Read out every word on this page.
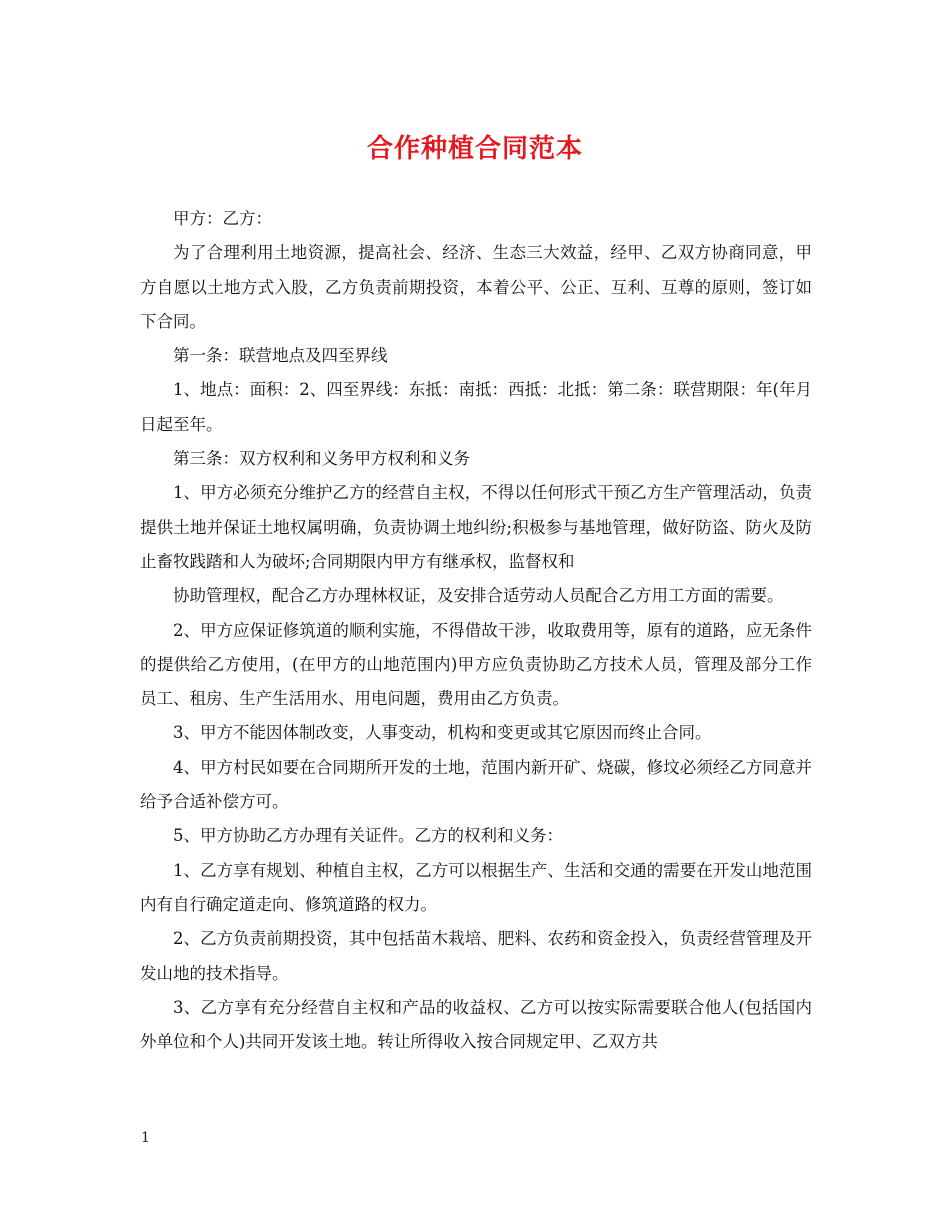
合作种植合同范本

甲方：乙方：

为了合理利用土地资源，提高社会、经济、生态三大效益，经甲、乙双方协商同意，甲方自愿以土地方式入股，乙方负责前期投资，本着公平、公正、互利、互尊的原则，签订如下合同。

第一条：联营地点及四至界线

1、地点：面积：2、四至界线：东抵：南抵：西抵：北抵：第二条：联营期限：年(年月日起至年。

第三条：双方权利和义务甲方权利和义务

1、甲方必须充分维护乙方的经营自主权，不得以任何形式干预乙方生产管理活动，负责提供土地并保证土地权属明确，负责协调土地纠纷;积极参与基地管理，做好防盗、防火及防止畜牧践踏和人为破坏;合同期限内甲方有继承权，监督权和

协助管理权，配合乙方办理林权证，及安排合适劳动人员配合乙方用工方面的需要。

2、甲方应保证修筑道的顺利实施，不得借故干涉，收取费用等，原有的道路，应无条件的提供给乙方使用，(在甲方的山地范围内)甲方应负责协助乙方技术人员，管理及部分工作员工、租房、生产生活用水、用电问题，费用由乙方负责。

3、甲方不能因体制改变，人事变动，机构和变更或其它原因而终止合同。

4、甲方村民如要在合同期所开发的土地，范围内新开矿、烧碳，修坟必须经乙方同意并给予合适补偿方可。

5、甲方协助乙方办理有关证件。乙方的权利和义务：

1、乙方享有规划、种植自主权，乙方可以根据生产、生活和交通的需要在开发山地范围内有自行确定道走向、修筑道路的权力。

2、乙方负责前期投资，其中包括苗木栽培、肥料、农药和资金投入，负责经营管理及开发山地的技术指导。

3、乙方享有充分经营自主权和产品的收益权、乙方可以按实际需要联合他人(包括国内外单位和个人)共同开发该土地。转让所得收入按合同规定甲、乙双方共

1
